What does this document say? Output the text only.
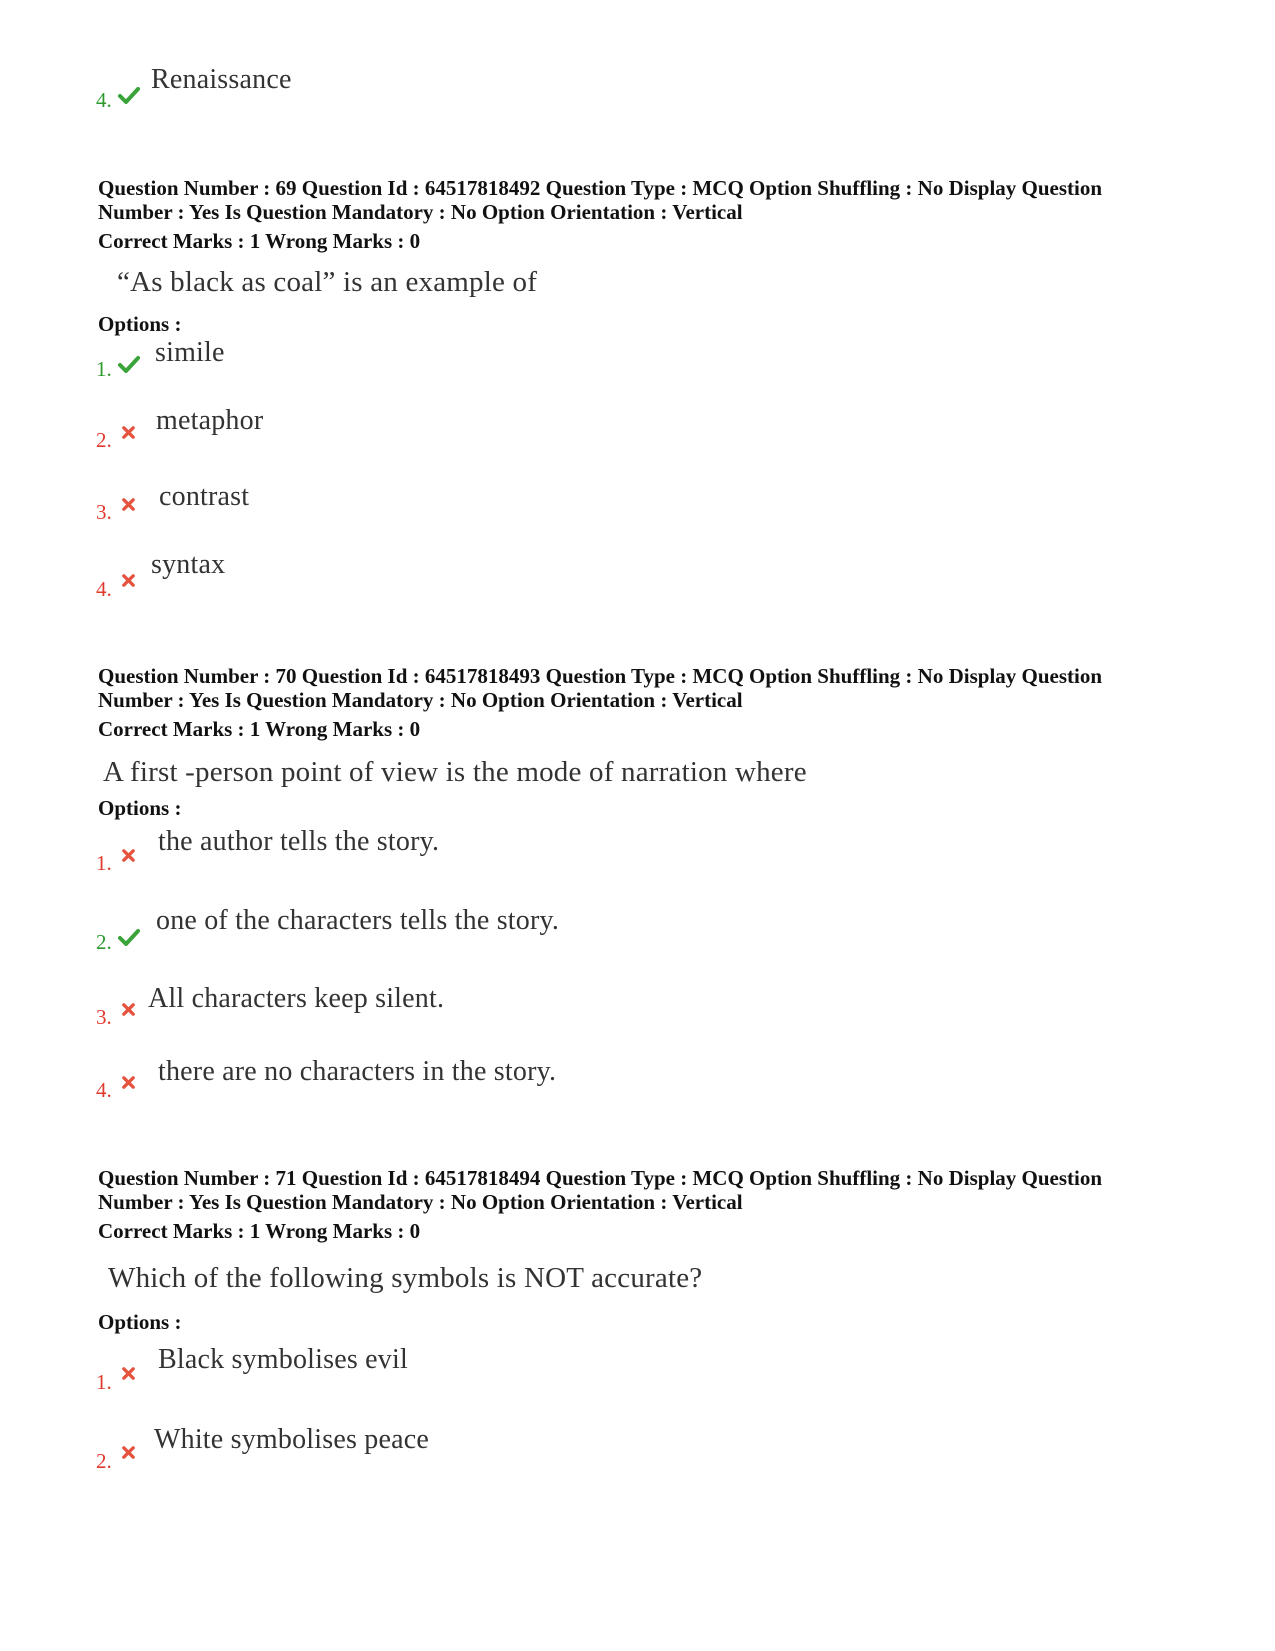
4.
Renaissance
Question Number : 69 Question Id : 64517818492 Question Type : MCQ Option Shuffling : No Display Question
Number : Yes Is Question Mandatory : No Option Orientation : Vertical
Correct Marks : 1 Wrong Marks : 0
“As black as coal” is an example of
Options :
1.
simile
2.
metaphor
3. contrast
4.
syntax
Question Number : 70 Question Id : 64517818493 Question Type : MCQ Option Shuffling : No Display Question
Number : Yes Is Question Mandatory : No Option Orientation : Vertical
Correct Marks : 1 Wrong Marks : 0
A first -person point of view is the mode of narration where
Options :
1.
the author tells the story.
2.
one of the characters tells the story.
3.
All characters keep silent.
4.
there are no characters in the story.
Question Number : 71 Question Id : 64517818494 Question Type : MCQ Option Shuffling : No Display Question
Number : Yes Is Question Mandatory : No Option Orientation : Vertical
Correct Marks : 1 Wrong Marks : 0
Which of the following symbols is NOT accurate?
Options :
1.
Black symbolises evil
2.
White symbolises peace
